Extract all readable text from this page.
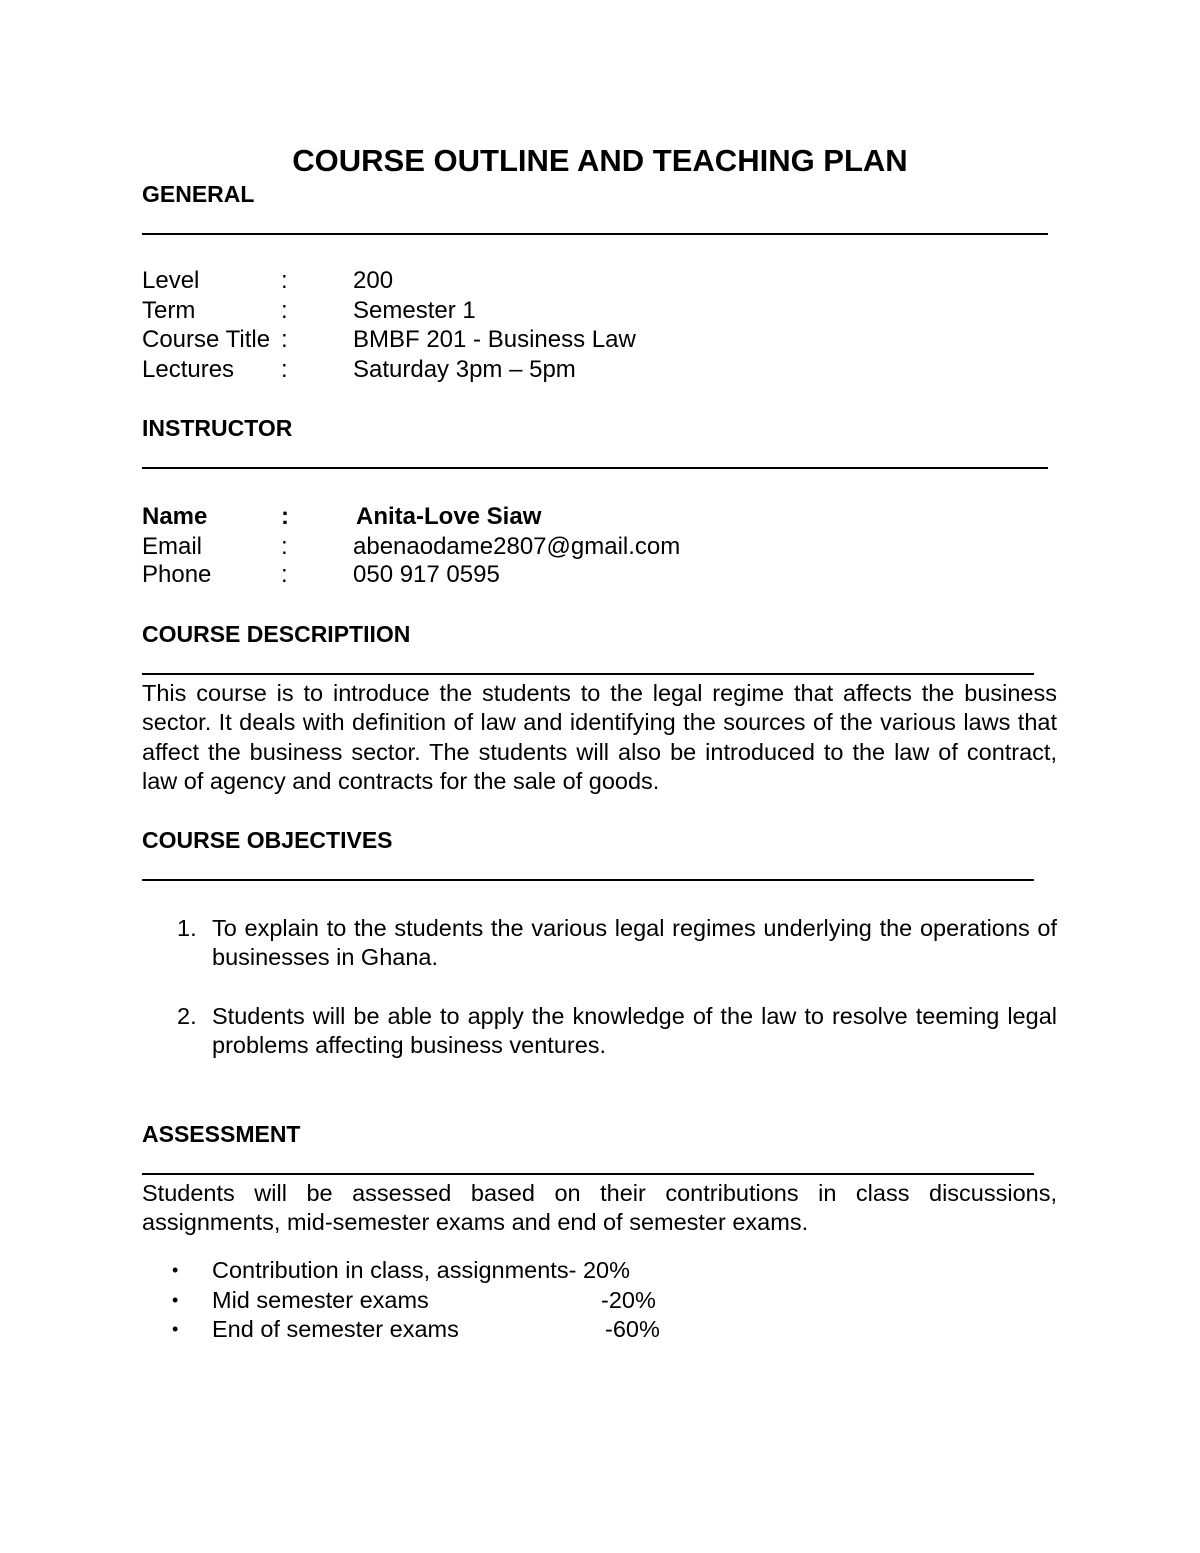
COURSE OUTLINE AND TEACHING PLAN
GENERAL
Level	:	200
Term	:	Semester 1
Course Title :	BMBF 201 - Business Law
Lectures :	Saturday 3pm – 5pm
INSTRUCTOR
Name	:	Anita-Love Siaw
Email	:	abenaodame2807@gmail.com
Phone	:	050 917 0595
COURSE DESCRIPTIION
This course is to introduce the students to the legal regime that affects the business sector. It deals with definition of law and identifying the sources of the various laws that affect the business sector. The students will also be introduced to the law of contract, law of agency and contracts for the sale of goods.
COURSE OBJECTIVES
1. To explain to the students the various legal regimes underlying the operations of businesses in Ghana.
2. Students will be able to apply the knowledge of the law to resolve teeming legal problems affecting business ventures.
ASSESSMENT
Students will be assessed based on their contributions in class discussions, assignments, mid-semester exams and end of semester exams.
• Contribution in class, assignments- 20%
• Mid semester exams	-20%
• End of semester exams	-60%
